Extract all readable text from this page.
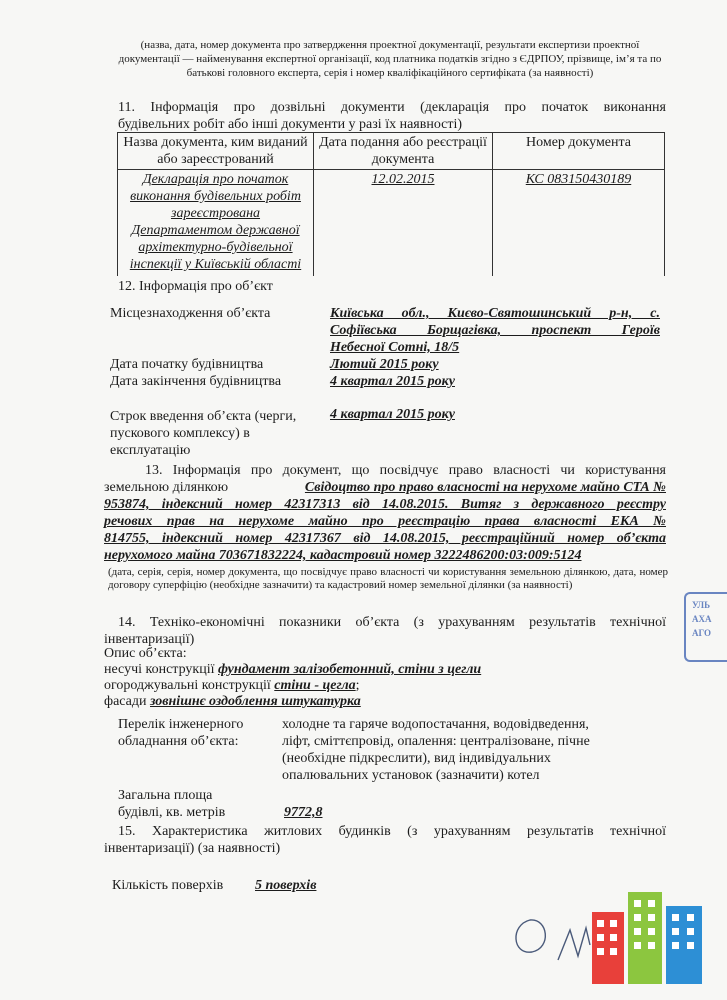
(назва, дата, номер документа про затвердження проектної документації, результати експертизи проектної документації — найменування експертної організації, код платника податків згідно з ЄДРПОУ, прізвище, ім’я та по батькові головного експерта, серія і номер кваліфікаційного сертифіката (за наявності)
11. Інформація про дозвільні документи (декларація про початок виконання
будівельних робіт або інші документи у разі їх наявності)
Назва документа, ким виданий або зареєстрований	Дата подання або реєстрації документа	Номер документа
Декларація про початок виконання будівельних робіт зареєстрована Департаментом державної архітектурно-будівельної інспекції у Київській області	12.02.2015	КС 083150430189
12. Інформація про об’єкт
Місцезнаходження об’єкта	Київська обл., Києво-Святошинський р-н, с.
Софіївська Борщагівка, проспект Героїв
Небесної Сотні, 18/5
Дата початку будівництва	Лютий 2015 року
Дата закінчення будівництва	4 квартал 2015 року
Строк введення об’єкта (черги,
пускового комплексу) в
експлуатацію
4 квартал 2015 року
13. Інформація про документ, що посвідчує право власності чи користування
земельною ділянкою	Свідоцтво про право власності на нерухоме майно СТА №
953874, індексний номер 42317313 від 14.08.2015. Витяг з державного реєстру
речових прав на нерухоме майно про реєстрацію права власності ЕКА №
814755, індексний номер 42317367 від 14.08.2015, реєстраційний номер об’єкта
нерухомого майна 703671832224, кадастровий номер 3222486200:03:009:5124
(дата, серія, серія, номер документа, що посвідчує право власності чи користування земельною ділянкою, дата, номер договору суперфіцію (необхідне зазначити) та кадастровий номер земельної ділянки (за наявності)
14. Техніко-економічні показники об’єкта (з урахуванням результатів технічної
інвентаризації)
Опис об’єкта:
несучі конструкції фундамент залізобетонний, стіни з цегли
огороджувальні конструкції стіни - цегла;
фасади зовнішнє оздоблення штукатурка
Перелік інженерного
обладнання об’єкта:
холодне та гаряче водопостачання, водовідведення,
ліфт, сміттєпровід, опалення: централізоване, пічне
(необхідне підкреслити), вид індивідуальних
опалювальних установок (зазначити) котел
Загальна площа
будівлі, кв. метрів	9772,8
15. Характеристика житлових будинків (з урахуванням результатів технічної
інвентаризації) (за наявності)
Кількість поверхів 5 поверхів
УЛЬ
АХА
АГО
